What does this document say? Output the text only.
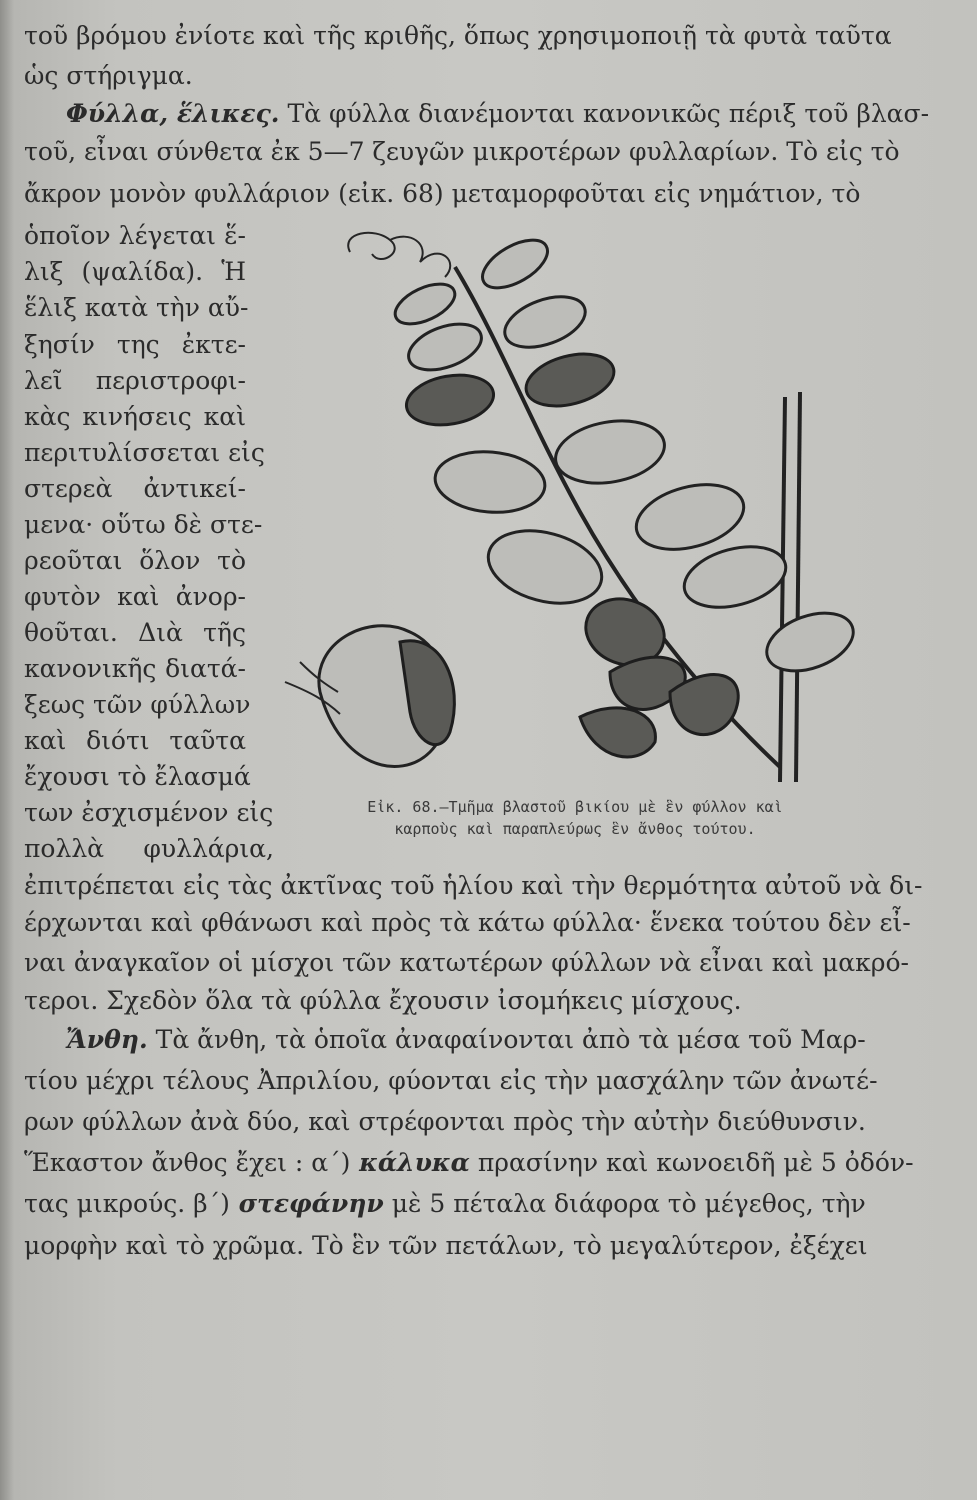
τοῦ βρόμου ἐνίοτε καὶ τῆς κριθῆς, ὅπως χρησιμοποιῇ τὰ φυτὰ ταῦτα
ὡς στήριγμα.
Φύλλα, ἕλικες. Τὰ φύλλα διανέμονται κανονικῶς πέριξ τοῦ βλασ-
τοῦ, εἶναι σύνθετα ἐκ 5—7 ζευγῶν μικροτέρων φυλλαρίων. Τὸ εἰς τὸ
ἄκρον μονὸν φυλλάριον (εἰκ. 68) μεταμορφοῦται εἰς νημάτιον, τὸ
ὁποῖον λέγεται ἕ-
λιξ (ψαλίδα). Ἡ
ἕλιξ κατὰ τὴν αὔ-
ξησίν της ἐκτε-
λεῖ περιστροφι-
κὰς κινήσεις καὶ
περιτυλίσσεται εἰς
στερεὰ ἀντικεί-
μενα· οὕτω δὲ στε-
ρεοῦται ὅλον τὸ
φυτὸν καὶ ἀνορ-
θοῦται. Διὰ τῆς
κανονικῆς διατά-
ξεως τῶν φύλλων
καὶ διότι ταῦτα
ἔχουσι τὸ ἔλασμά
των ἐσχισμένον εἰς
πολλὰ φυλλάρια,
ἐπιτρέπεται εἰς τὰς ἀκτῖνας τοῦ ἡλίου καὶ τὴν θερμότητα αὐτοῦ νὰ δι-
έρχωνται καὶ φθάνωσι καὶ πρὸς τὰ κάτω φύλλα· ἕνεκα τούτου δὲν εἶ-
ναι ἀναγκαῖον οἱ μίσχοι τῶν κατωτέρων φύλλων νὰ εἶναι καὶ μακρό-
τεροι. Σχεδὸν ὅλα τὰ φύλλα ἔχουσιν ἰσομήκεις μίσχους.
Ἄνθη. Τὰ ἄνθη, τὰ ὁποῖα ἀναφαίνονται ἀπὸ τὰ μέσα τοῦ Μαρ-
τίου μέχρι τέλους Ἀπριλίου, φύονται εἰς τὴν μασχάλην τῶν ἀνωτέ-
ρων φύλλων ἀνὰ δύο, καὶ στρέφονται πρὸς τὴν αὐτὴν διεύθυνσιν.
Ἕκαστον ἄνθος ἔχει : α΄) κάλυκα πρασίνην καὶ κωνοειδῆ μὲ 5 ὀδόν-
τας μικρούς. β΄) στεφάνην μὲ 5 πέταλα διάφορα τὸ μέγεθος, τὴν
μορφὴν καὶ τὸ χρῶμα. Τὸ ἓν τῶν πετάλων, τὸ μεγαλύτερον, ἐξέχει
Εἰκ. 68.—Τμῆμα βλαστοῦ βικίου μὲ ἓν φύλλον καὶ
καρποὺς καὶ παραπλεύρως ἓν ἄνθος τούτου.
